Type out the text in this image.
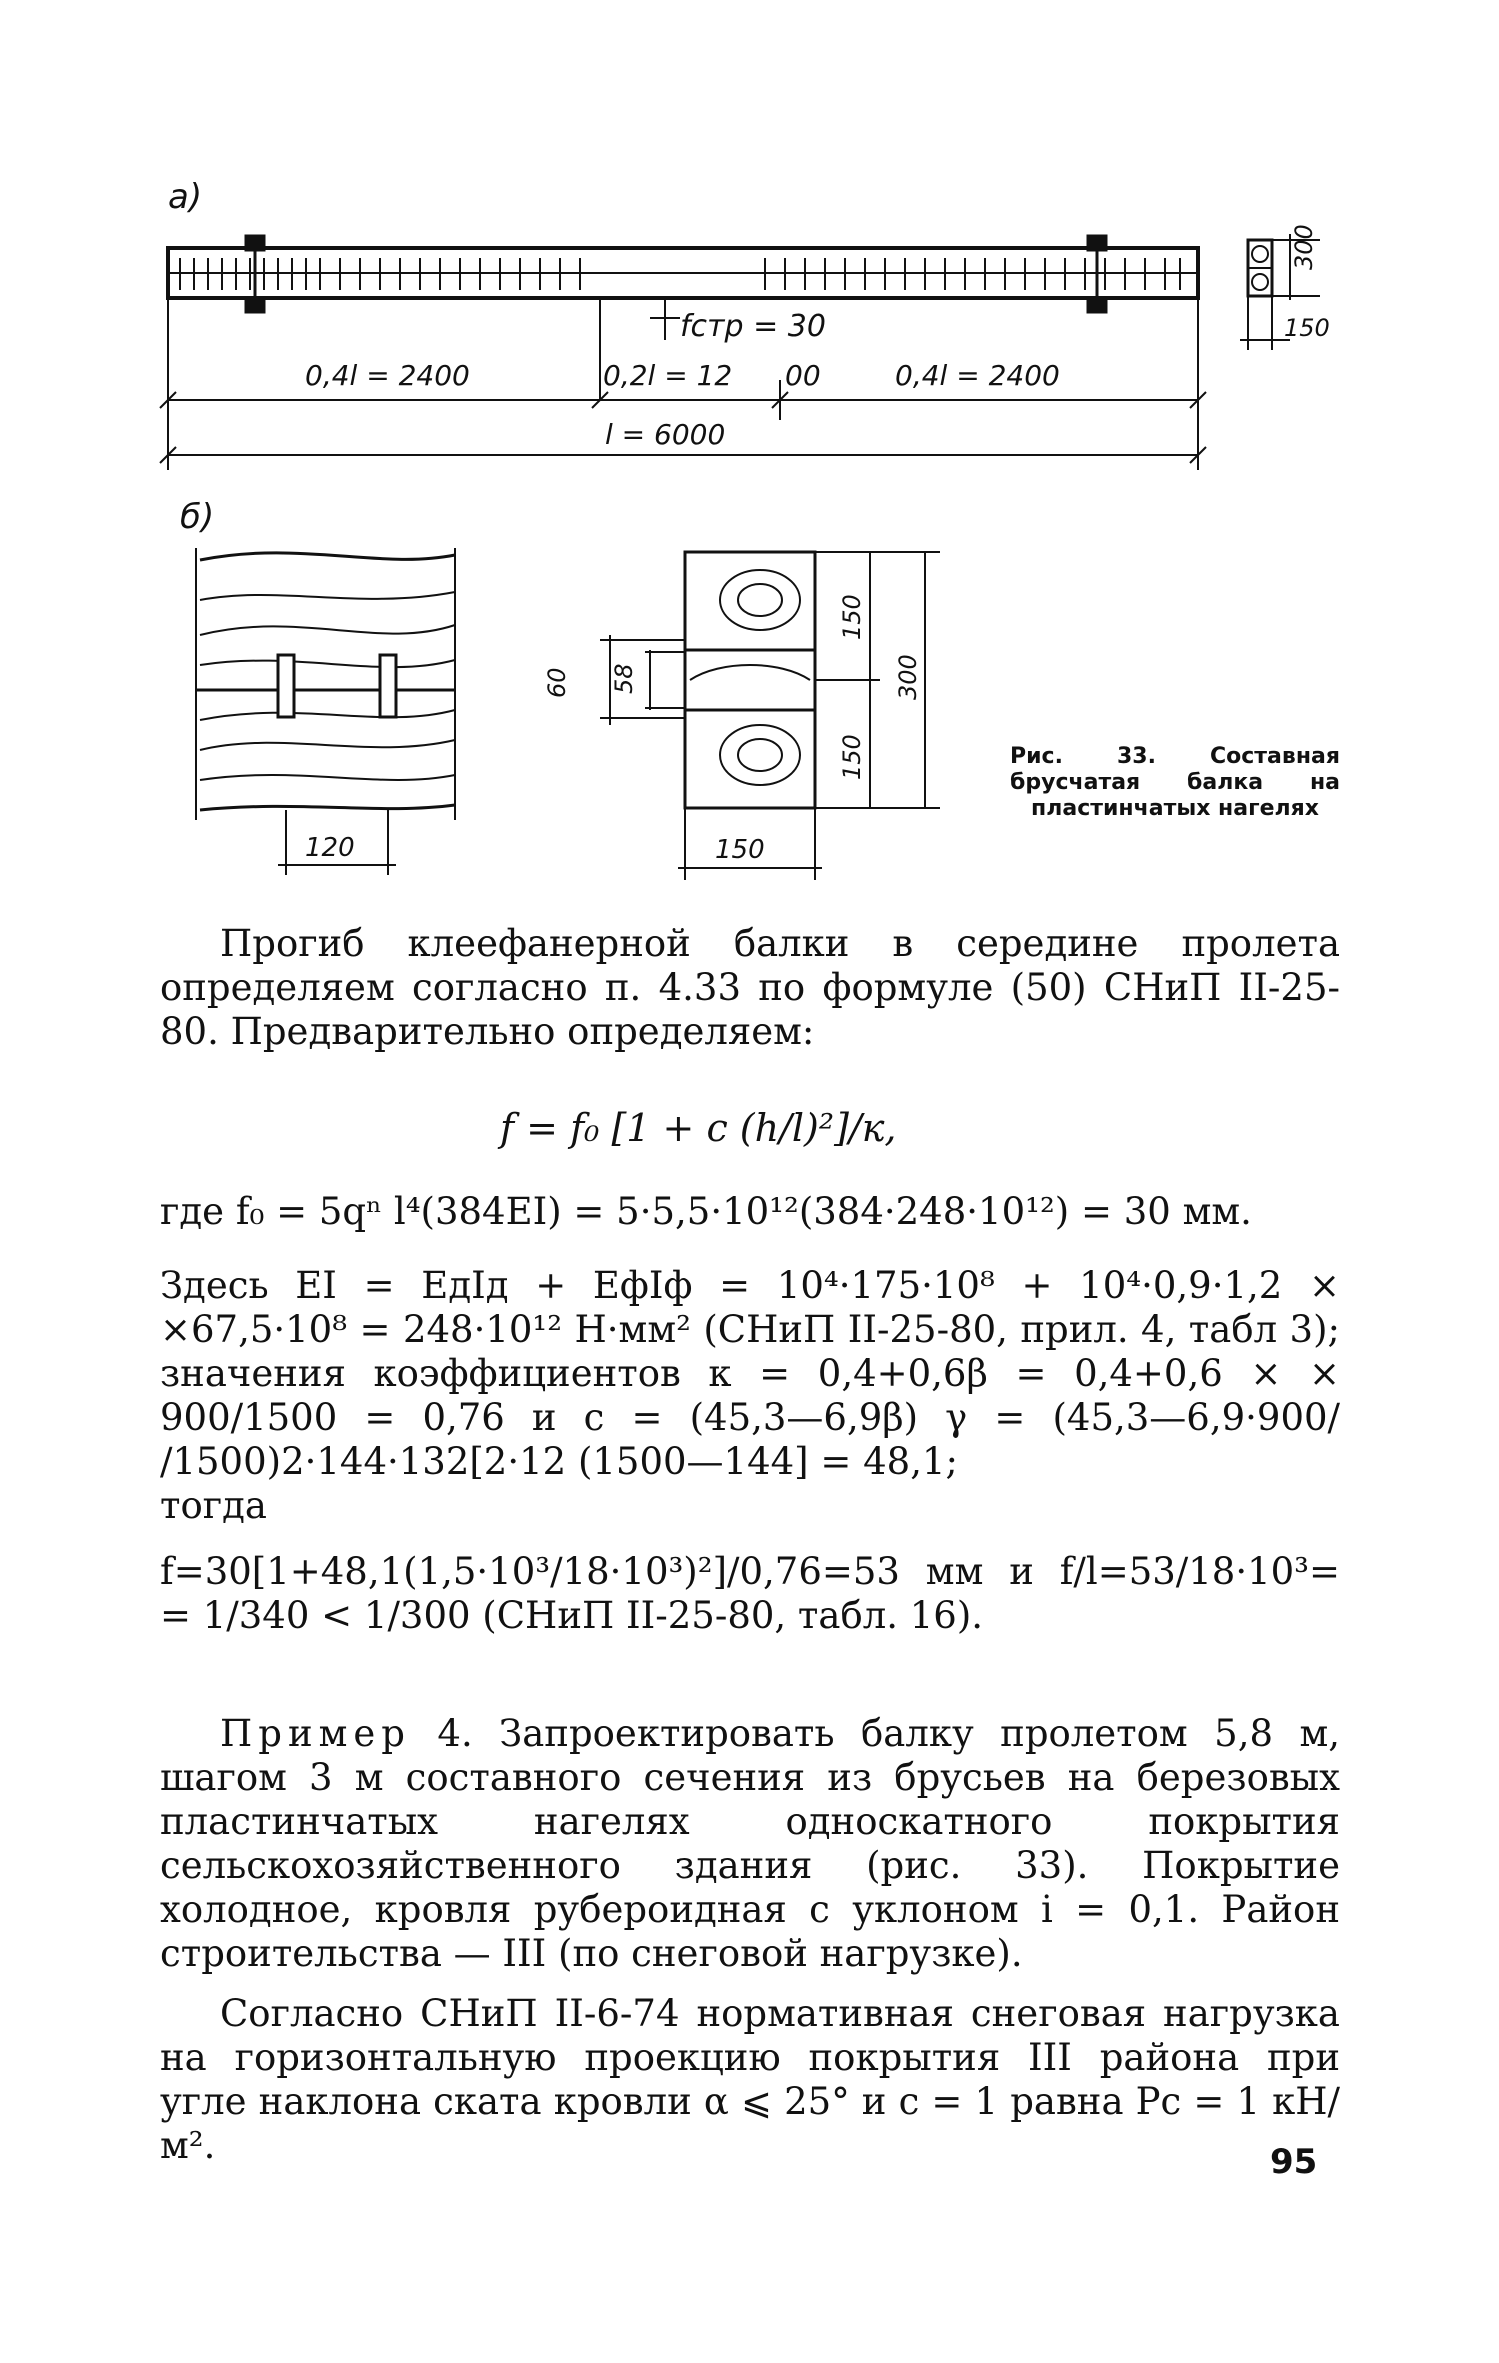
а)
б)
fстр = 30
0,4l = 2400	0,2l = 12 00	0,4l = 2400
l = 6000
300
150
120
60 58
150
150
300
150
Рис. 33. Составная брусчатая балка на пластинчатых нагелях
Прогиб клеефанерной балки в середине пролета определяем согласно п. 4.33 по формуле (50) СНиП II-25-80. Предварительно определяем:
f = f₀ [1 + c (h/l)²]/к,
где f₀ = 5qⁿ l⁴(384EI) = 5·5,5·10¹²(384·248·10¹²) = 30 мм.
Здесь EI = EдIд + EфIф = 10⁴·175·10⁸ + 10⁴·0,9·1,2 × ×67,5·10⁸ = 248·10¹² Н·мм² (СНиП II-25-80, прил. 4, табл 3); значения коэффициентов к = 0,4+0,6β = 0,4+0,6 × × 900/1500 = 0,76 и с = (45,3—6,9β) γ = (45,3—6,9·900/ /1500)2·144·132[2·12 (1500—144] = 48,1;
тогда
f=30[1+48,1(1,5·10³/18·10³)²]/0,76=53 мм и f/l=53/18·10³= = 1/340 < 1/300 (СНиП II-25-80, табл. 16).
Пример 4. Запроектировать балку пролетом 5,8 м, шагом 3 м составного сечения из брусьев на березовых пластинчатых нагелях односкатного покрытия сельскохозяйственного здания (рис. 33). Покрытие холодное, кровля рубероидная с уклоном i = 0,1. Район строительства — III (по снеговой нагрузке).
Согласно СНиП II-6-74 нормативная снеговая нагрузка на горизонтальную проекцию покрытия III района при угле наклона ската кровли α ⩽ 25° и с = 1 равна Pс = 1 кН/м².	95
